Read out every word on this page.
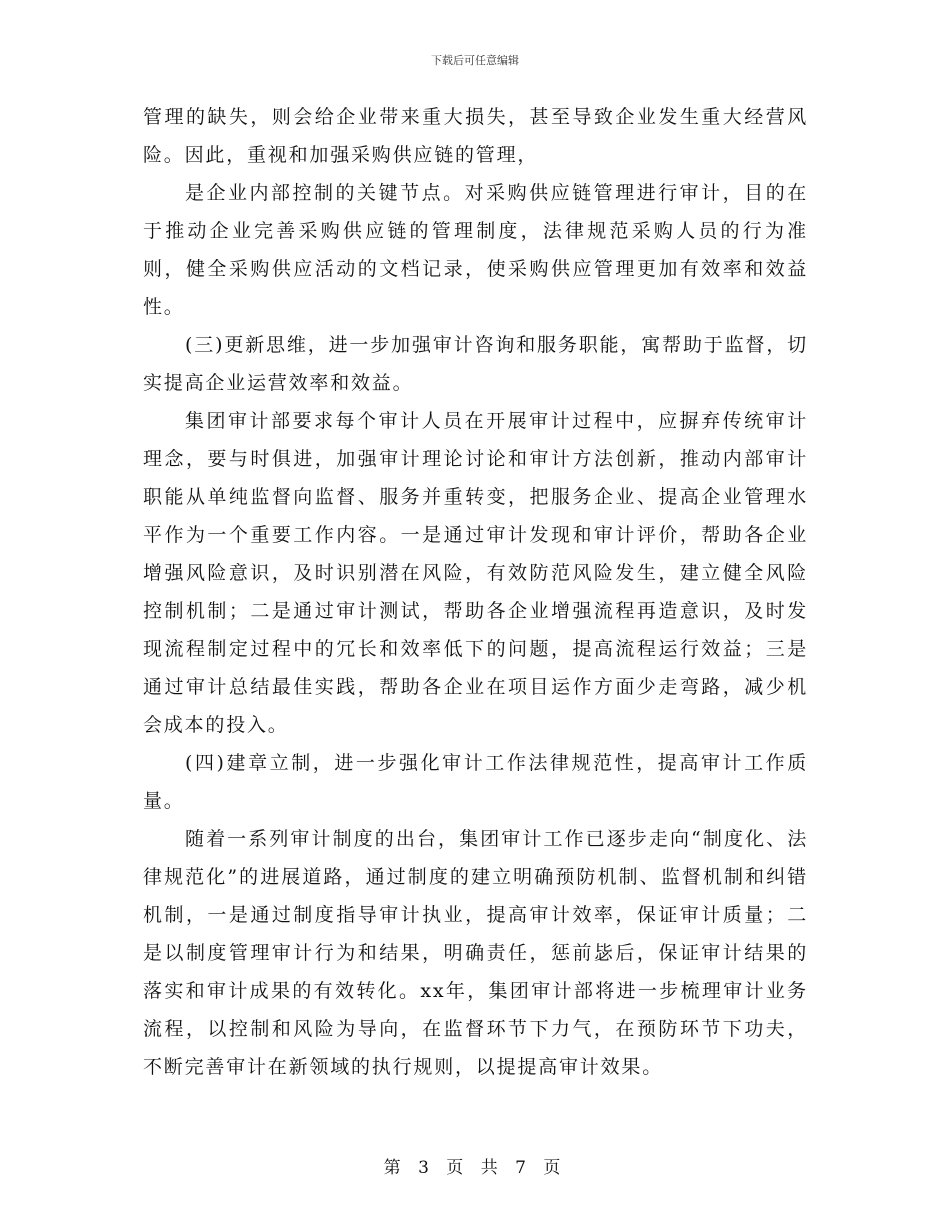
下载后可任意编辑

管理的缺失，则会给企业带来重大损失，甚至导致企业发生重大经营风险。因此，重视和加强采购供应链的管理，

是企业内部控制的关键节点。对采购供应链管理进行审计，目的在于推动企业完善采购供应链的管理制度，法律规范采购人员的行为准则，健全采购供应活动的文档记录，使采购供应管理更加有效率和效益性。

(三)更新思维，进一步加强审计咨询和服务职能，寓帮助于监督，切实提高企业运营效率和效益。

集团审计部要求每个审计人员在开展审计过程中，应摒弃传统审计理念，要与时俱进，加强审计理论讨论和审计方法创新，推动内部审计职能从单纯监督向监督、服务并重转变，把服务企业、提高企业管理水平作为一个重要工作内容。一是通过审计发现和审计评价，帮助各企业增强风险意识，及时识别潜在风险，有效防范风险发生，建立健全风险控制机制；二是通过审计测试，帮助各企业增强流程再造意识，及时发现流程制定过程中的冗长和效率低下的问题，提高流程运行效益；三是通过审计总结最佳实践，帮助各企业在项目运作方面少走弯路，减少机会成本的投入。

(四)建章立制，进一步强化审计工作法律规范性，提高审计工作质量。

随着一系列审计制度的出台，集团审计工作已逐步走向“制度化、法律规范化”的进展道路，通过制度的建立明确预防机制、监督机制和纠错机制，一是通过制度指导审计执业，提高审计效率，保证审计质量；二是以制度管理审计行为和结果，明确责任，惩前毖后，保证审计结果的落实和审计成果的有效转化。xx年，集团审计部将进一步梳理审计业务流程，以控制和风险为导向，在监督环节下力气，在预防环节下功夫，不断完善审计在新领域的执行规则，以提提高审计效果。

第 3 页 共 7 页
